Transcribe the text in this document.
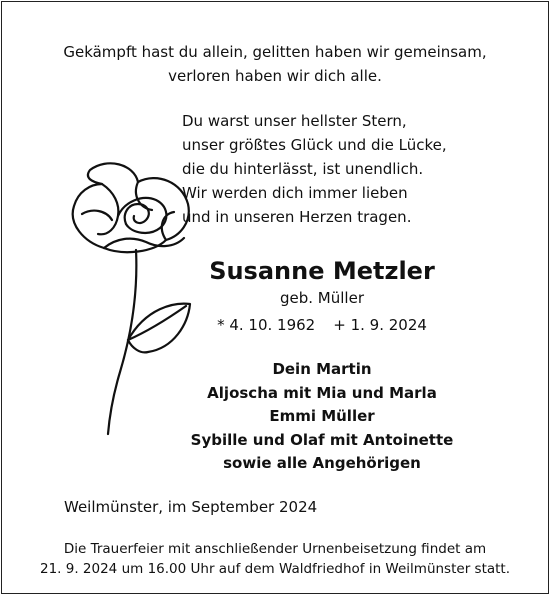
Gekämpft hast du allein, gelitten haben wir gemeinsam,
verloren haben wir dich alle.
Du warst unser hellster Stern,
unser größtes Glück und die Lücke,
die du hinterlässt, ist unendlich.
Wir werden dich immer lieben
und in unseren Herzen tragen.
Susanne Metzler
geb. Müller
* 4. 10. 1962 + 1. 9. 2024
Dein Martin
Aljoscha mit Mia und Marla
Emmi Müller
Sybille und Olaf mit Antoinette
sowie alle Angehörigen
Weilmünster, im September 2024
Die Trauerfeier mit anschließender Urnenbeisetzung findet am
21. 9. 2024 um 16.00 Uhr auf dem Waldfriedhof in Weilmünster statt.
